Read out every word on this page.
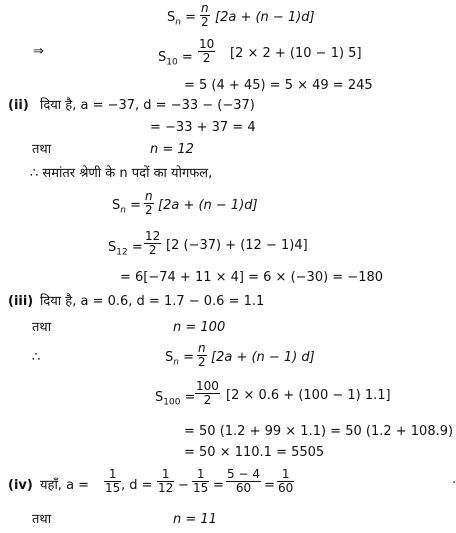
$S_n = \frac{n}{2} [2a + (n - 1)d]$
⇒	$S_{10} = \frac{10}{2} [2 \times 2 + (10 - 1)$ 5]
= 5 (4 + 45) = 5 × 49 = 245
(ii) दिया है, a = −37, d = −33 − (−37)
= −33 + 37 = 4
तथा	n = 12
∴ समांतर श्रेणी के n पदों का योगफल,
$S_n = \frac{n}{2} [2a + (n - 1)d]$
$S_{12} = \frac{12}{2} [2$ (−37) + (12 − 1)4]
= 6[−74 + 11 × 4] = 6 × (−30) = −180
(iii) दिया है, a = 0.6, d = 1.7 − 0.6 = 1.1
तथा	n = 100
∴	$S_n = \frac{n}{2} [2a + (n - 1)$ d]
$S_{100} = \frac{100}{2} [2 \times 0.6 + (100 - 1)$ 1.1]
= 50 (1.2 + 99 × 1.1) = 50 (1.2 + 108.9)
= 50 × 110.1 = 5505
(iv) यहाँ, $a = \frac{1}{15}$ , $d = \frac{1}{12} - \frac{1}{15} = \frac{5 - 4}{60} = \frac{1}{60}$	.
तथा	n = 11
